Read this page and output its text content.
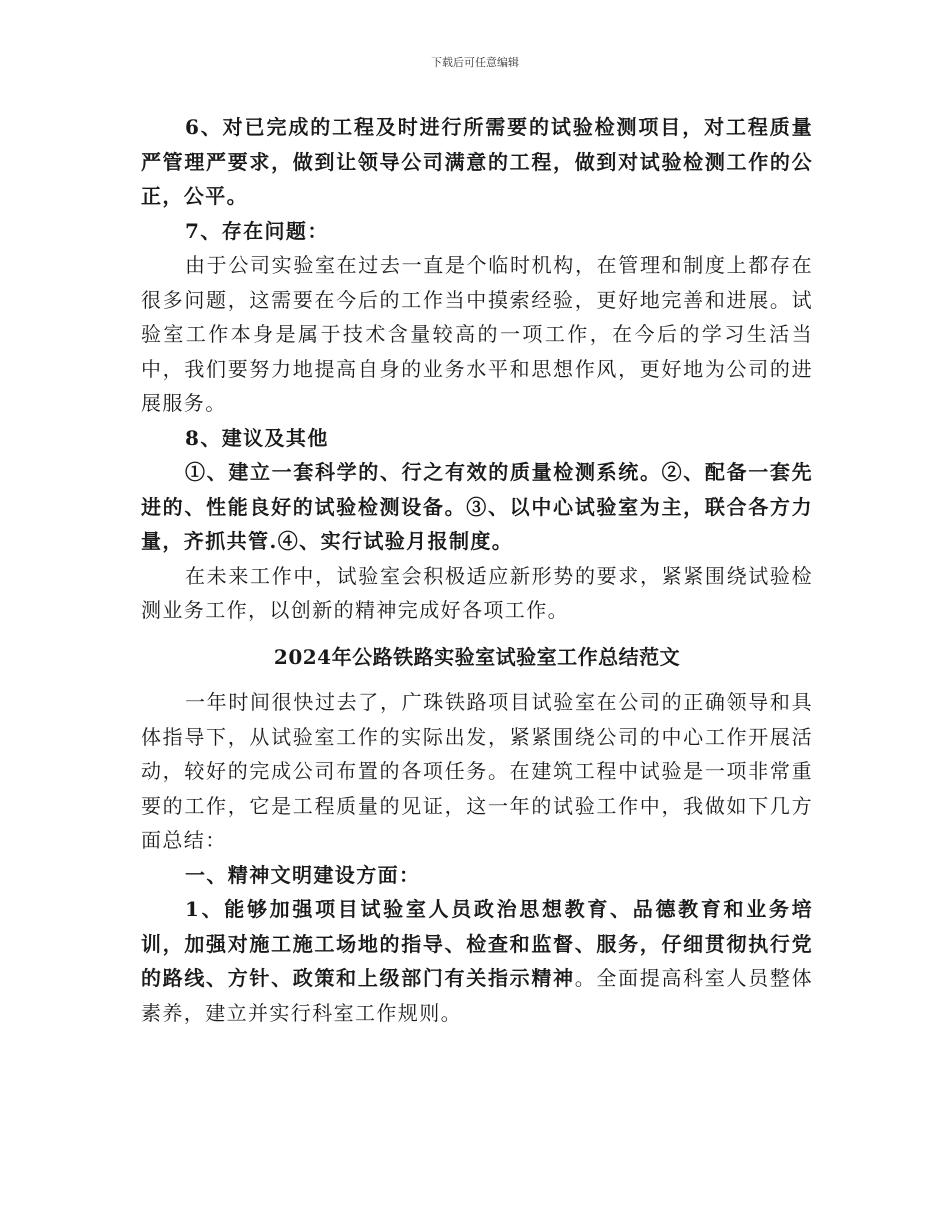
下载后可任意编辑

6、对已完成的工程及时进行所需要的试验检测项目，对工程质量严管理严要求，做到让领导公司满意的工程，做到对试验检测工作的公正，公平。

7、存在问题：

由于公司实验室在过去一直是个临时机构，在管理和制度上都存在很多问题，这需要在今后的工作当中摸索经验，更好地完善和进展。试验室工作本身是属于技术含量较高的一项工作，在今后的学习生活当中，我们要努力地提高自身的业务水平和思想作风，更好地为公司的进展服务。

8、建议及其他

①、建立一套科学的、行之有效的质量检测系统。②、配备一套先进的、性能良好的试验检测设备。③、以中心试验室为主，联合各方力量，齐抓共管.④、实行试验月报制度。

在未来工作中，试验室会积极适应新形势的要求，紧紧围绕试验检测业务工作，以创新的精神完成好各项工作。

2024年公路铁路实验室试验室工作总结范文

一年时间很快过去了，广珠铁路项目试验室在公司的正确领导和具体指导下，从试验室工作的实际出发，紧紧围绕公司的中心工作开展活动，较好的完成公司布置的各项任务。在建筑工程中试验是一项非常重要的工作，它是工程质量的见证，这一年的试验工作中，我做如下几方面总结：

一、精神文明建设方面：

1、能够加强项目试验室人员政治思想教育、品德教育和业务培训，加强对施工施工场地的指导、检查和监督、服务，仔细贯彻执行党的路线、方针、政策和上级部门有关指示精神。全面提高科室人员整体素养，建立并实行科室工作规则。
